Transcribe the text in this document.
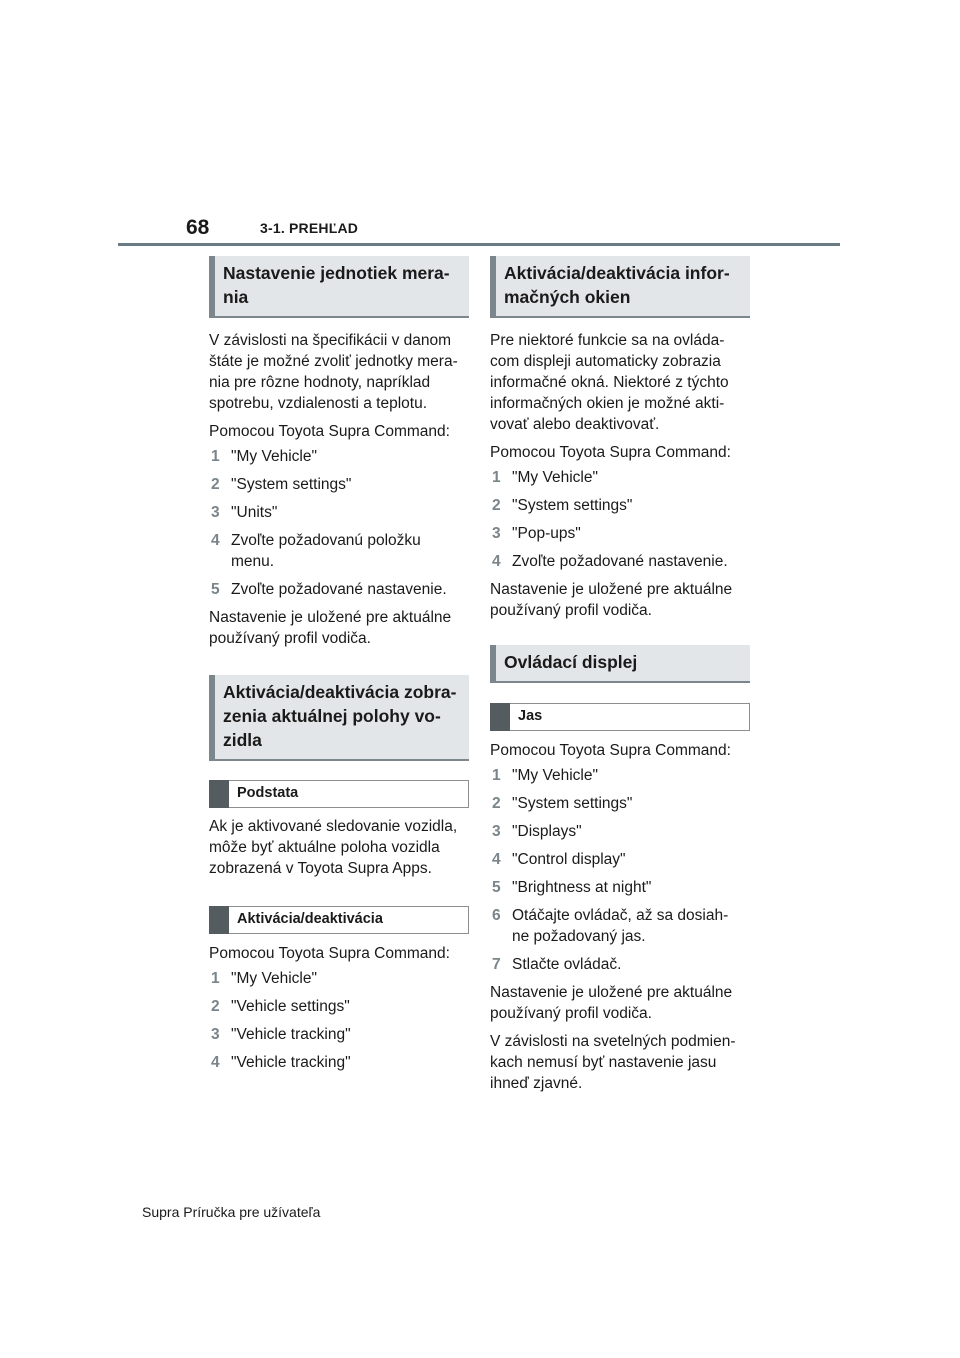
68	3-1. PREHĽAD
Nastavenie jednotiek mera-
nia

V závislosti na špecifikácii v danom
štáte je možné zvoliť jednotky mera-
nia pre rôzne hodnoty, napríklad
spotrebu, vzdialenosti a teplotu.

Pomocou Toyota Supra Command:

1 "My Vehicle"
2 "System settings"
3 "Units"
4 Zvoľte požadovanú položku
menu.
5 Zvoľte požadované nastavenie.

Nastavenie je uložené pre aktuálne
používaný profil vodiča.

Aktivácia/deaktivácia zobra-
zenia aktuálnej polohy vo-
zidla
Podstata

Ak je aktivované sledovanie vozidla,
môže byť aktuálne poloha vozidla
zobrazená v Toyota Supra Apps.

Aktivácia/deaktivácia

Pomocou Toyota Supra Command:

1 "My Vehicle"
2 "Vehicle settings"
3 "Vehicle tracking"
4 "Vehicle tracking"
Aktivácia/deaktivácia infor-
mačných okien

Pre niektoré funkcie sa na ovláda-
com displeji automaticky zobrazia
informačné okná. Niektoré z týchto
informačných okien je možné akti-
vovať alebo deaktivovať.

Pomocou Toyota Supra Command:

1 "My Vehicle"
2 "System settings"
3 "Pop-ups"
4 Zvoľte požadované nastavenie.

Nastavenie je uložené pre aktuálne
používaný profil vodiča.

Ovládací displej
Jas

Pomocou Toyota Supra Command:

1 "My Vehicle"
2 "System settings"
3 "Displays"
4 "Control display"
5 "Brightness at night"
6 Otáčajte ovládač, až sa dosiah-
ne požadovaný jas.
7 Stlačte ovládač.

Nastavenie je uložené pre aktuálne
používaný profil vodiča.

V závislosti na svetelných podmien-
kach nemusí byť nastavenie jasu
ihneď zjavné.

Supra Príručka pre užívateľa
